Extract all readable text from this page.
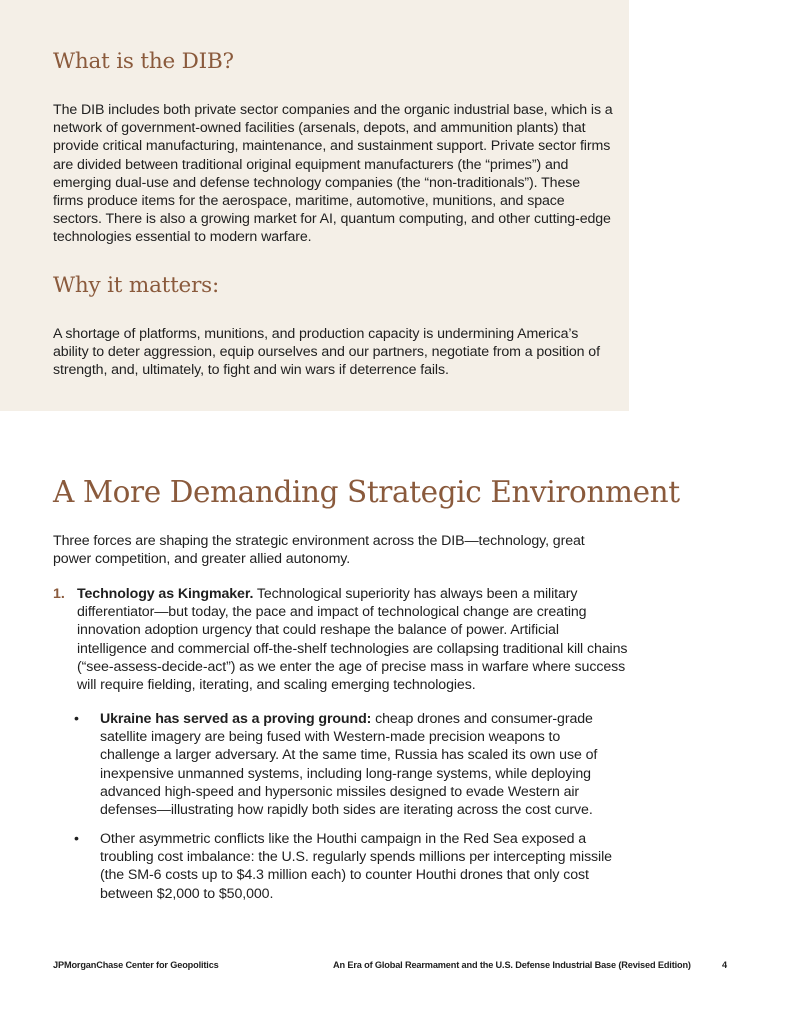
What is the DIB?

The DIB includes both private sector companies and the organic industrial base, which is a network of government-owned facilities (arsenals, depots, and ammunition plants) that provide critical manufacturing, maintenance, and sustainment support. Private sector firms are divided between traditional original equipment manufacturers (the “primes”) and emerging dual-use and defense technology companies (the “non-traditionals”). These firms produce items for the aerospace, maritime, automotive, munitions, and space sectors. There is also a growing market for AI, quantum computing, and other cutting-edge technologies essential to modern warfare.

Why it matters:

A shortage of platforms, munitions, and production capacity is undermining America’s ability to deter aggression, equip ourselves and our partners, negotiate from a position of strength, and, ultimately, to fight and win wars if deterrence fails.

A More Demanding Strategic Environment

Three forces are shaping the strategic environment across the DIB—technology, great power competition, and greater allied autonomy.

1. Technology as Kingmaker. Technological superiority has always been a military differentiator—but today, the pace and impact of technological change are creating innovation adoption urgency that could reshape the balance of power. Artificial intelligence and commercial off-the-shelf technologies are collapsing traditional kill chains (“see-assess-decide-act”) as we enter the age of precise mass in warfare where success will require fielding, iterating, and scaling emerging technologies.

• Ukraine has served as a proving ground: cheap drones and consumer-grade satellite imagery are being fused with Western-made precision weapons to challenge a larger adversary. At the same time, Russia has scaled its own use of inexpensive unmanned systems, including long-range systems, while deploying advanced high-speed and hypersonic missiles designed to evade Western air defenses—illustrating how rapidly both sides are iterating across the cost curve.

• Other asymmetric conflicts like the Houthi campaign in the Red Sea exposed a troubling cost imbalance: the U.S. regularly spends millions per intercepting missile (the SM-6 costs up to $4.3 million each) to counter Houthi drones that only cost between $2,000 to $50,000.

JPMorganChase Center for Geopolitics	An Era of Global Rearmament and the U.S. Defense Industrial Base (Revised Edition)	4
